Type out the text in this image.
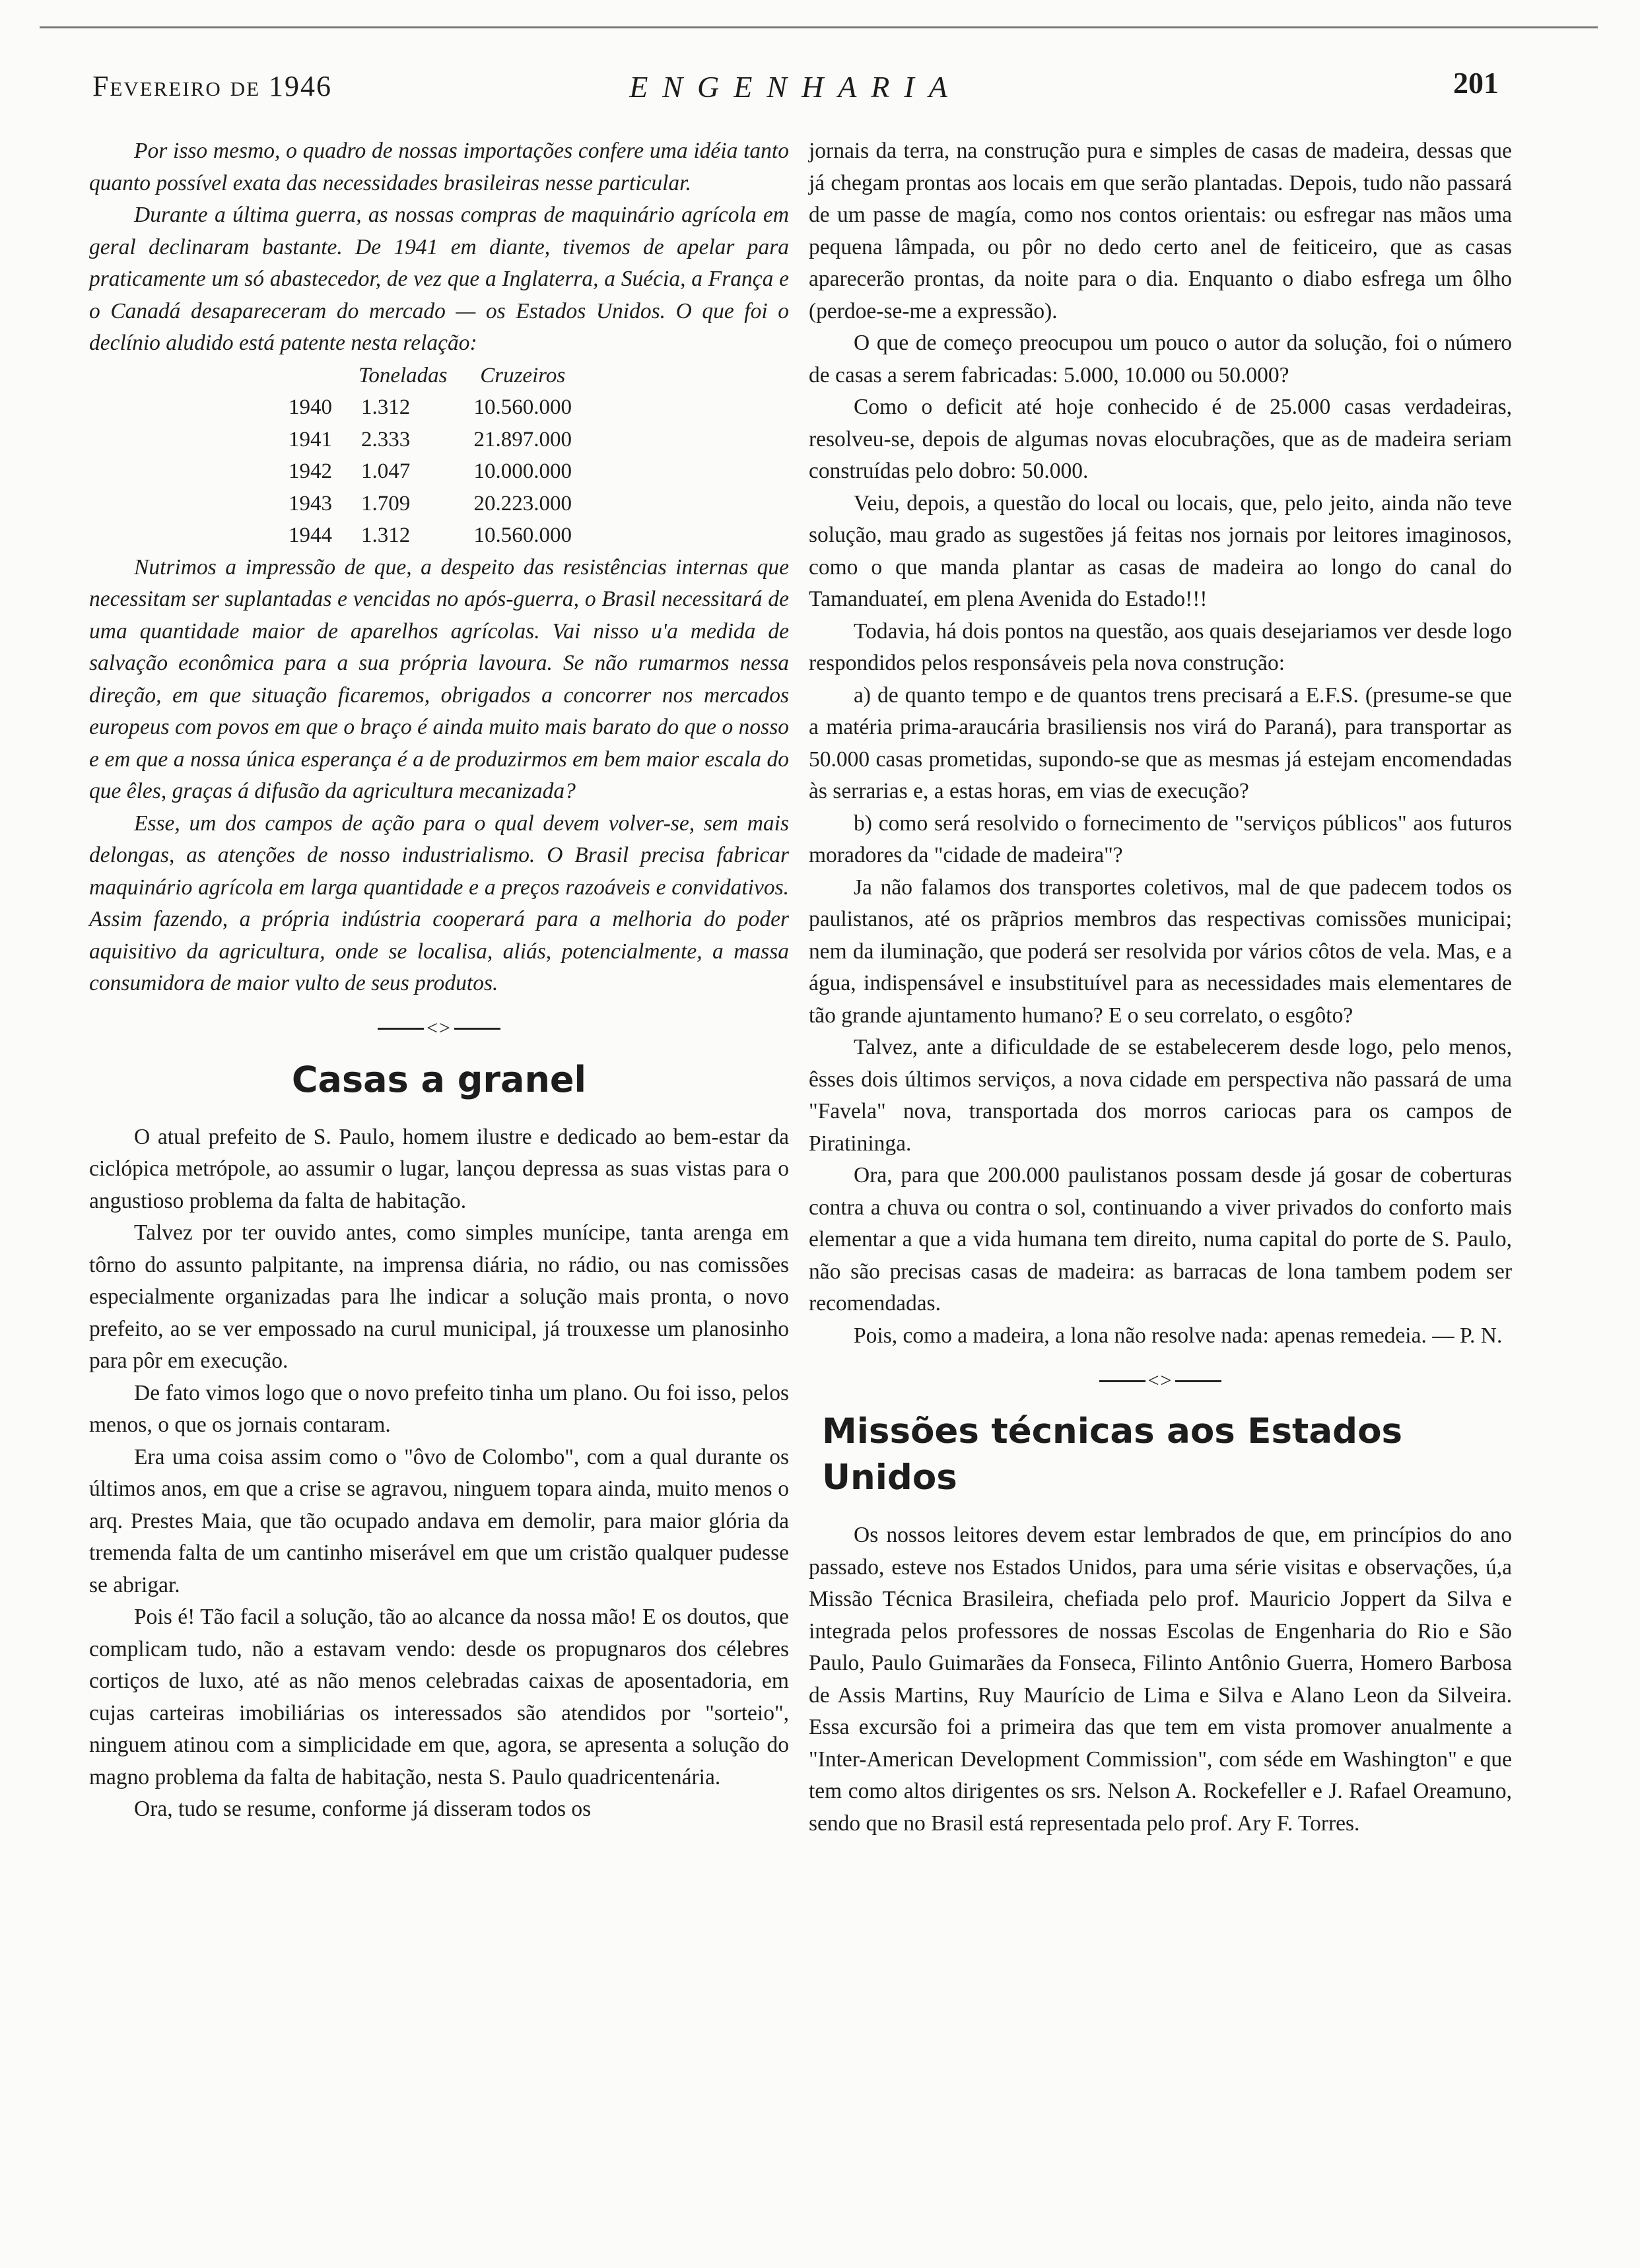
Fevereiro de 1946	ENGENHARIA	201

Por isso mesmo, o quadro de nossas importações confere uma idéia tanto quanto possível exata das necessidades brasileiras nesse particular.

Durante a última guerra, as nossas compras de maquinário agrícola em geral declinaram bastante. De 1941 em diante, tivemos de apelar para praticamente um só abastecedor, de vez que a Inglaterra, a Suécia, a França e o Canadá desapareceram do mercado — os Estados Unidos. O que foi o declínio aludido está patente nesta relação:

	Toneladas	Cruzeiros
1940	1.312	10.560.000
1941	2.333	21.897.000
1942	1.047	10.000.000
1943	1.709	20.223.000
1944	1.312	10.560.000

Nutrimos a impressão de que, a despeito das resistências internas que necessitam ser suplantadas e vencidas no após-guerra, o Brasil necessitará de uma quantidade maior de aparelhos agrícolas. Vai nisso u'a medida de salvação econômica para a sua própria lavoura. Se não rumarmos nessa direção, em que situação ficaremos, obrigados a concorrer nos mercados europeus com povos em que o braço é ainda muito mais barato do que o nosso e em que a nossa única esperança é a de produzirmos em bem maior escala do que êles, graças á difusão da agricultura mecanizada?

Esse, um dos campos de ação para o qual devem volver-se, sem mais delongas, as atenções de nosso industrialismo. O Brasil precisa fabricar maquinário agrícola em larga quantidade e a preços razoáveis e convidativos. Assim fazendo, a própria indústria cooperará para a melhoria do poder aquisitivo da agricultura, onde se localisa, aliás, potencialmente, a massa consumidora de maior vulto de seus produtos.

<>
Casas a granel

O atual prefeito de S. Paulo, homem ilustre e dedicado ao bem-estar da ciclópica metrópole, ao assumir o lugar, lançou depressa as suas vistas para o angustioso problema da falta de habitação.

Talvez por ter ouvido antes, como simples munícipe, tanta arenga em tôrno do assunto palpitante, na imprensa diária, no rádio, ou nas comissões especialmente organizadas para lhe indicar a solução mais pronta, o novo prefeito, ao se ver empossado na curul municipal, já trouxesse um planosinho para pôr em execução.

De fato vimos logo que o novo prefeito tinha um plano. Ou foi isso, pelos menos, o que os jornais contaram.

Era uma coisa assim como o "ôvo de Colombo", com a qual durante os últimos anos, em que a crise se agravou, ninguem topara ainda, muito menos o arq. Prestes Maia, que tão ocupado andava em demolir, para maior glória da tremenda falta de um cantinho miserável em que um cristão qualquer pudesse se abrigar.

Pois é! Tão facil a solução, tão ao alcance da nossa mão! E os doutos, que complicam tudo, não a estavam vendo: desde os propugnaros dos célebres cortiços de luxo, até as não menos celebradas caixas de aposentadoria, em cujas carteiras imobiliárias os interessados são atendidos por "sorteio", ninguem atinou com a simplicidade em que, agora, se apresenta a solução do magno problema da falta de habitação, nesta S. Paulo quadricentenária.

Ora, tudo se resume, conforme já disseram todos os

jornais da terra, na construção pura e simples de casas de madeira, dessas que já chegam prontas aos locais em que serão plantadas. Depois, tudo não passará de um passe de magía, como nos contos orientais: ou esfregar nas mãos uma pequena lâmpada, ou pôr no dedo certo anel de feiticeiro, que as casas aparecerão prontas, da noite para o dia. Enquanto o diabo esfrega um ôlho (perdoe-se-me a expressão).

O que de começo preocupou um pouco o autor da solução, foi o número de casas a serem fabricadas: 5.000, 10.000 ou 50.000?

Como o deficit até hoje conhecido é de 25.000 casas verdadeiras, resolveu-se, depois de algumas novas elocubrações, que as de madeira seriam construídas pelo dobro: 50.000.

Veiu, depois, a questão do local ou locais, que, pelo jeito, ainda não teve solução, mau grado as sugestões já feitas nos jornais por leitores imaginosos, como o que manda plantar as casas de madeira ao longo do canal do Tamanduateí, em plena Avenida do Estado!!!

Todavia, há dois pontos na questão, aos quais desejariamos ver desde logo respondidos pelos responsáveis pela nova construção:

a) de quanto tempo e de quantos trens precisará a E.F.S. (presume-se que a matéria prima-araucária brasiliensis nos virá do Paraná), para transportar as 50.000 casas prometidas, supondo-se que as mesmas já estejam encomendadas às serrarias e, a estas horas, em vias de execução?

b) como será resolvido o fornecimento de "serviços públicos" aos futuros moradores da "cidade de madeira"?

Ja não falamos dos transportes coletivos, mal de que padecem todos os paulistanos, até os prãprios membros das respectivas comissões municipai; nem da iluminação, que poderá ser resolvida por vários côtos de vela. Mas, e a água, indispensável e insubstituível para as necessidades mais elementares de tão grande ajuntamento humano? E o seu correlato, o esgôto?

Talvez, ante a dificuldade de se estabelecerem desde logo, pelo menos, êsses dois últimos serviços, a nova cidade em perspectiva não passará de uma "Favela" nova, transportada dos morros cariocas para os campos de Piratininga.

Ora, para que 200.000 paulistanos possam desde já gosar de coberturas contra a chuva ou contra o sol, continuando a viver privados do conforto mais elementar a que a vida humana tem direito, numa capital do porte de S. Paulo, não são precisas casas de madeira: as barracas de lona tambem podem ser recomendadas.

Pois, como a madeira, a lona não resolve nada: apenas remedeia. — P. N.

<>
Missões técnicas aos Estados Unidos

Os nossos leitores devem estar lembrados de que, em princípios do ano passado, esteve nos Estados Unidos, para uma série visitas e observações, ú,a Missão Técnica Brasileira, chefiada pelo prof. Mauricio Joppert da Silva e integrada pelos professores de nossas Escolas de Engenharia do Rio e São Paulo, Paulo Guimarães da Fonseca, Filinto Antônio Guerra, Homero Barbosa de Assis Martins, Ruy Maurício de Lima e Silva e Alano Leon da Silveira. Essa excursão foi a primeira das que tem em vista promover anualmente a "Inter-American Development Commission", com séde em Washington" e que tem como altos dirigentes os srs. Nelson A. Rockefeller e J. Rafael Oreamuno, sendo que no Brasil está representada pelo prof. Ary F. Torres.
